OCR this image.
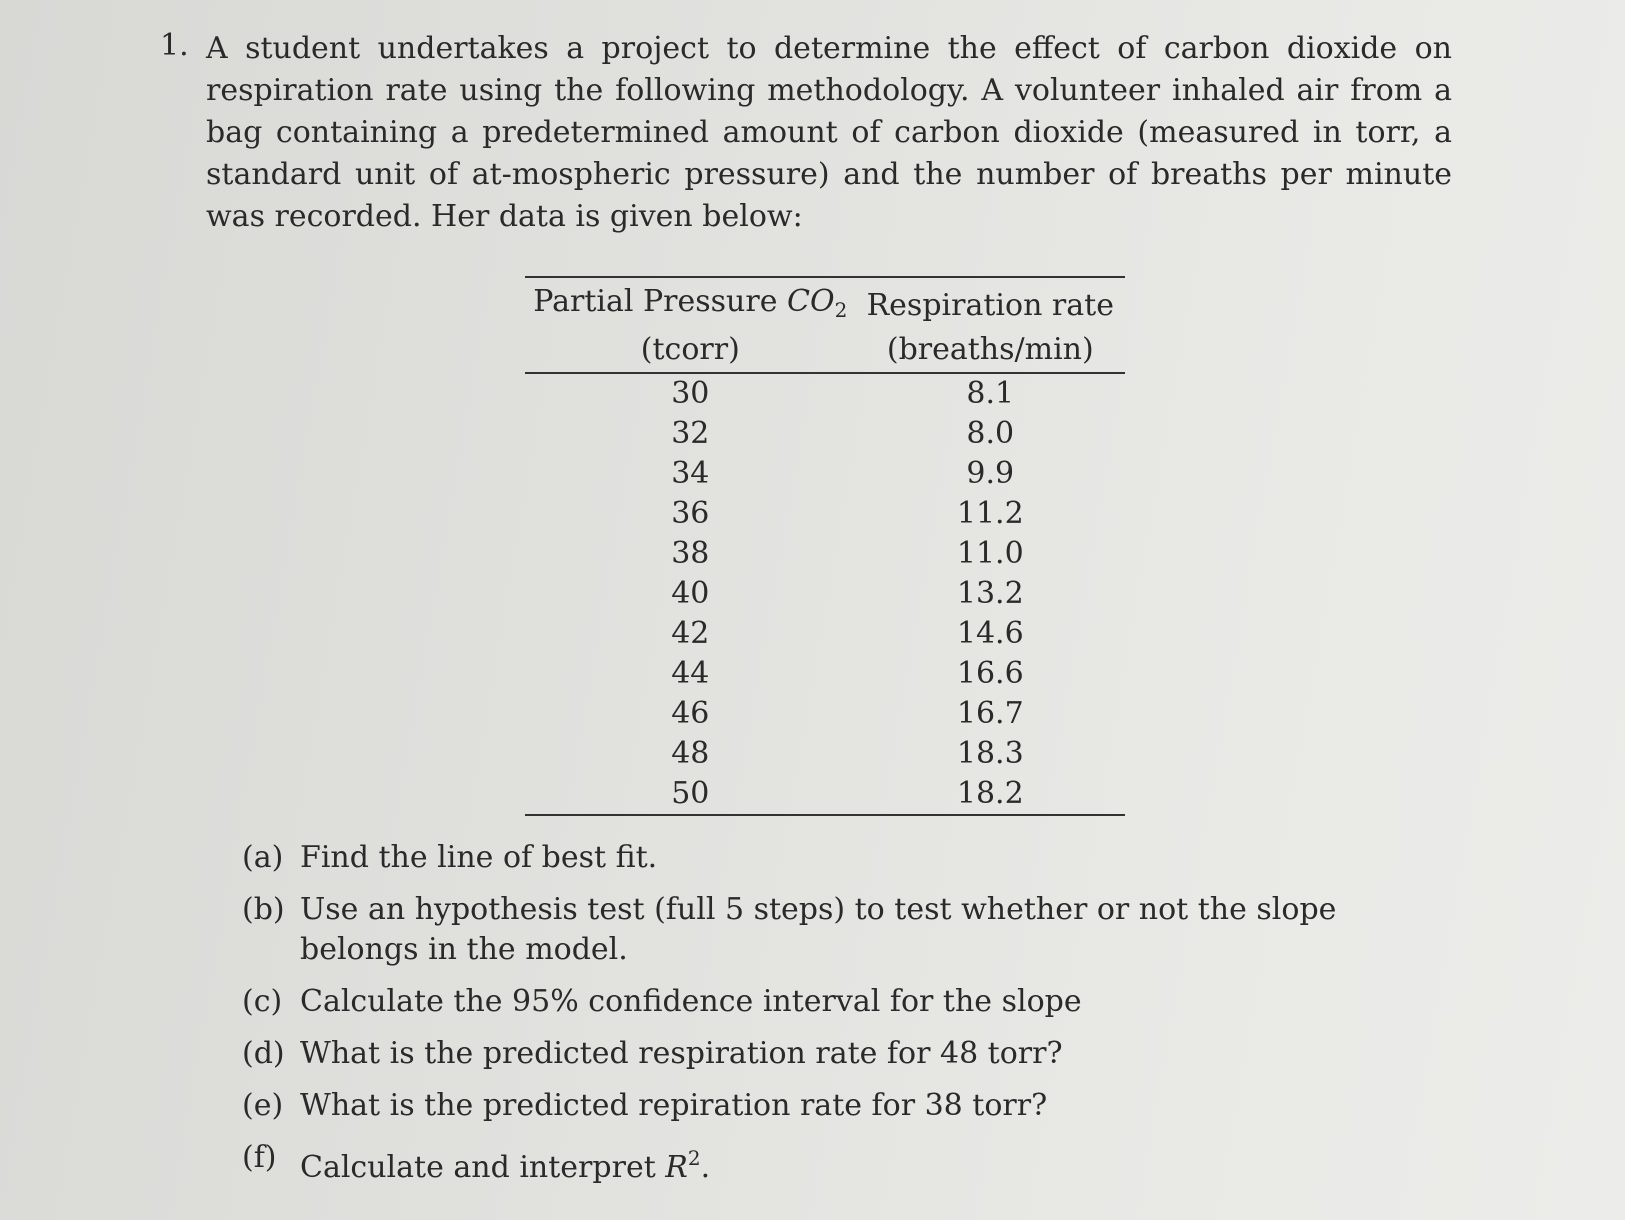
1. A student undertakes a project to determine the effect of carbon dioxide on respiration rate using the following methodology. A volunteer inhaled air from a bag containing a predetermined amount of carbon dioxide (measured in torr, a standard unit of at-mospheric pressure) and the number of breaths per minute was recorded. Her data is given below:
Partial Pressure $CO_2$	Respiration rate
(tcorr)	(breaths/min)
30	8.1
32	8.0
34	9.9
36	11.2
38	11.0
40	13.2
42	14.6
44	16.6
46	16.7
48	18.3
50	18.2
(a) Find the line of best fit.
(b) Use an hypothesis test (full 5 steps) to test whether or not the slope belongs in the model.
(c) Calculate the 95% confidence interval for the slope
(d) What is the predicted respiration rate for 48 torr?
(e) What is the predicted repiration rate for 38 torr?
(f) Calculate and interpret $R^2$.
